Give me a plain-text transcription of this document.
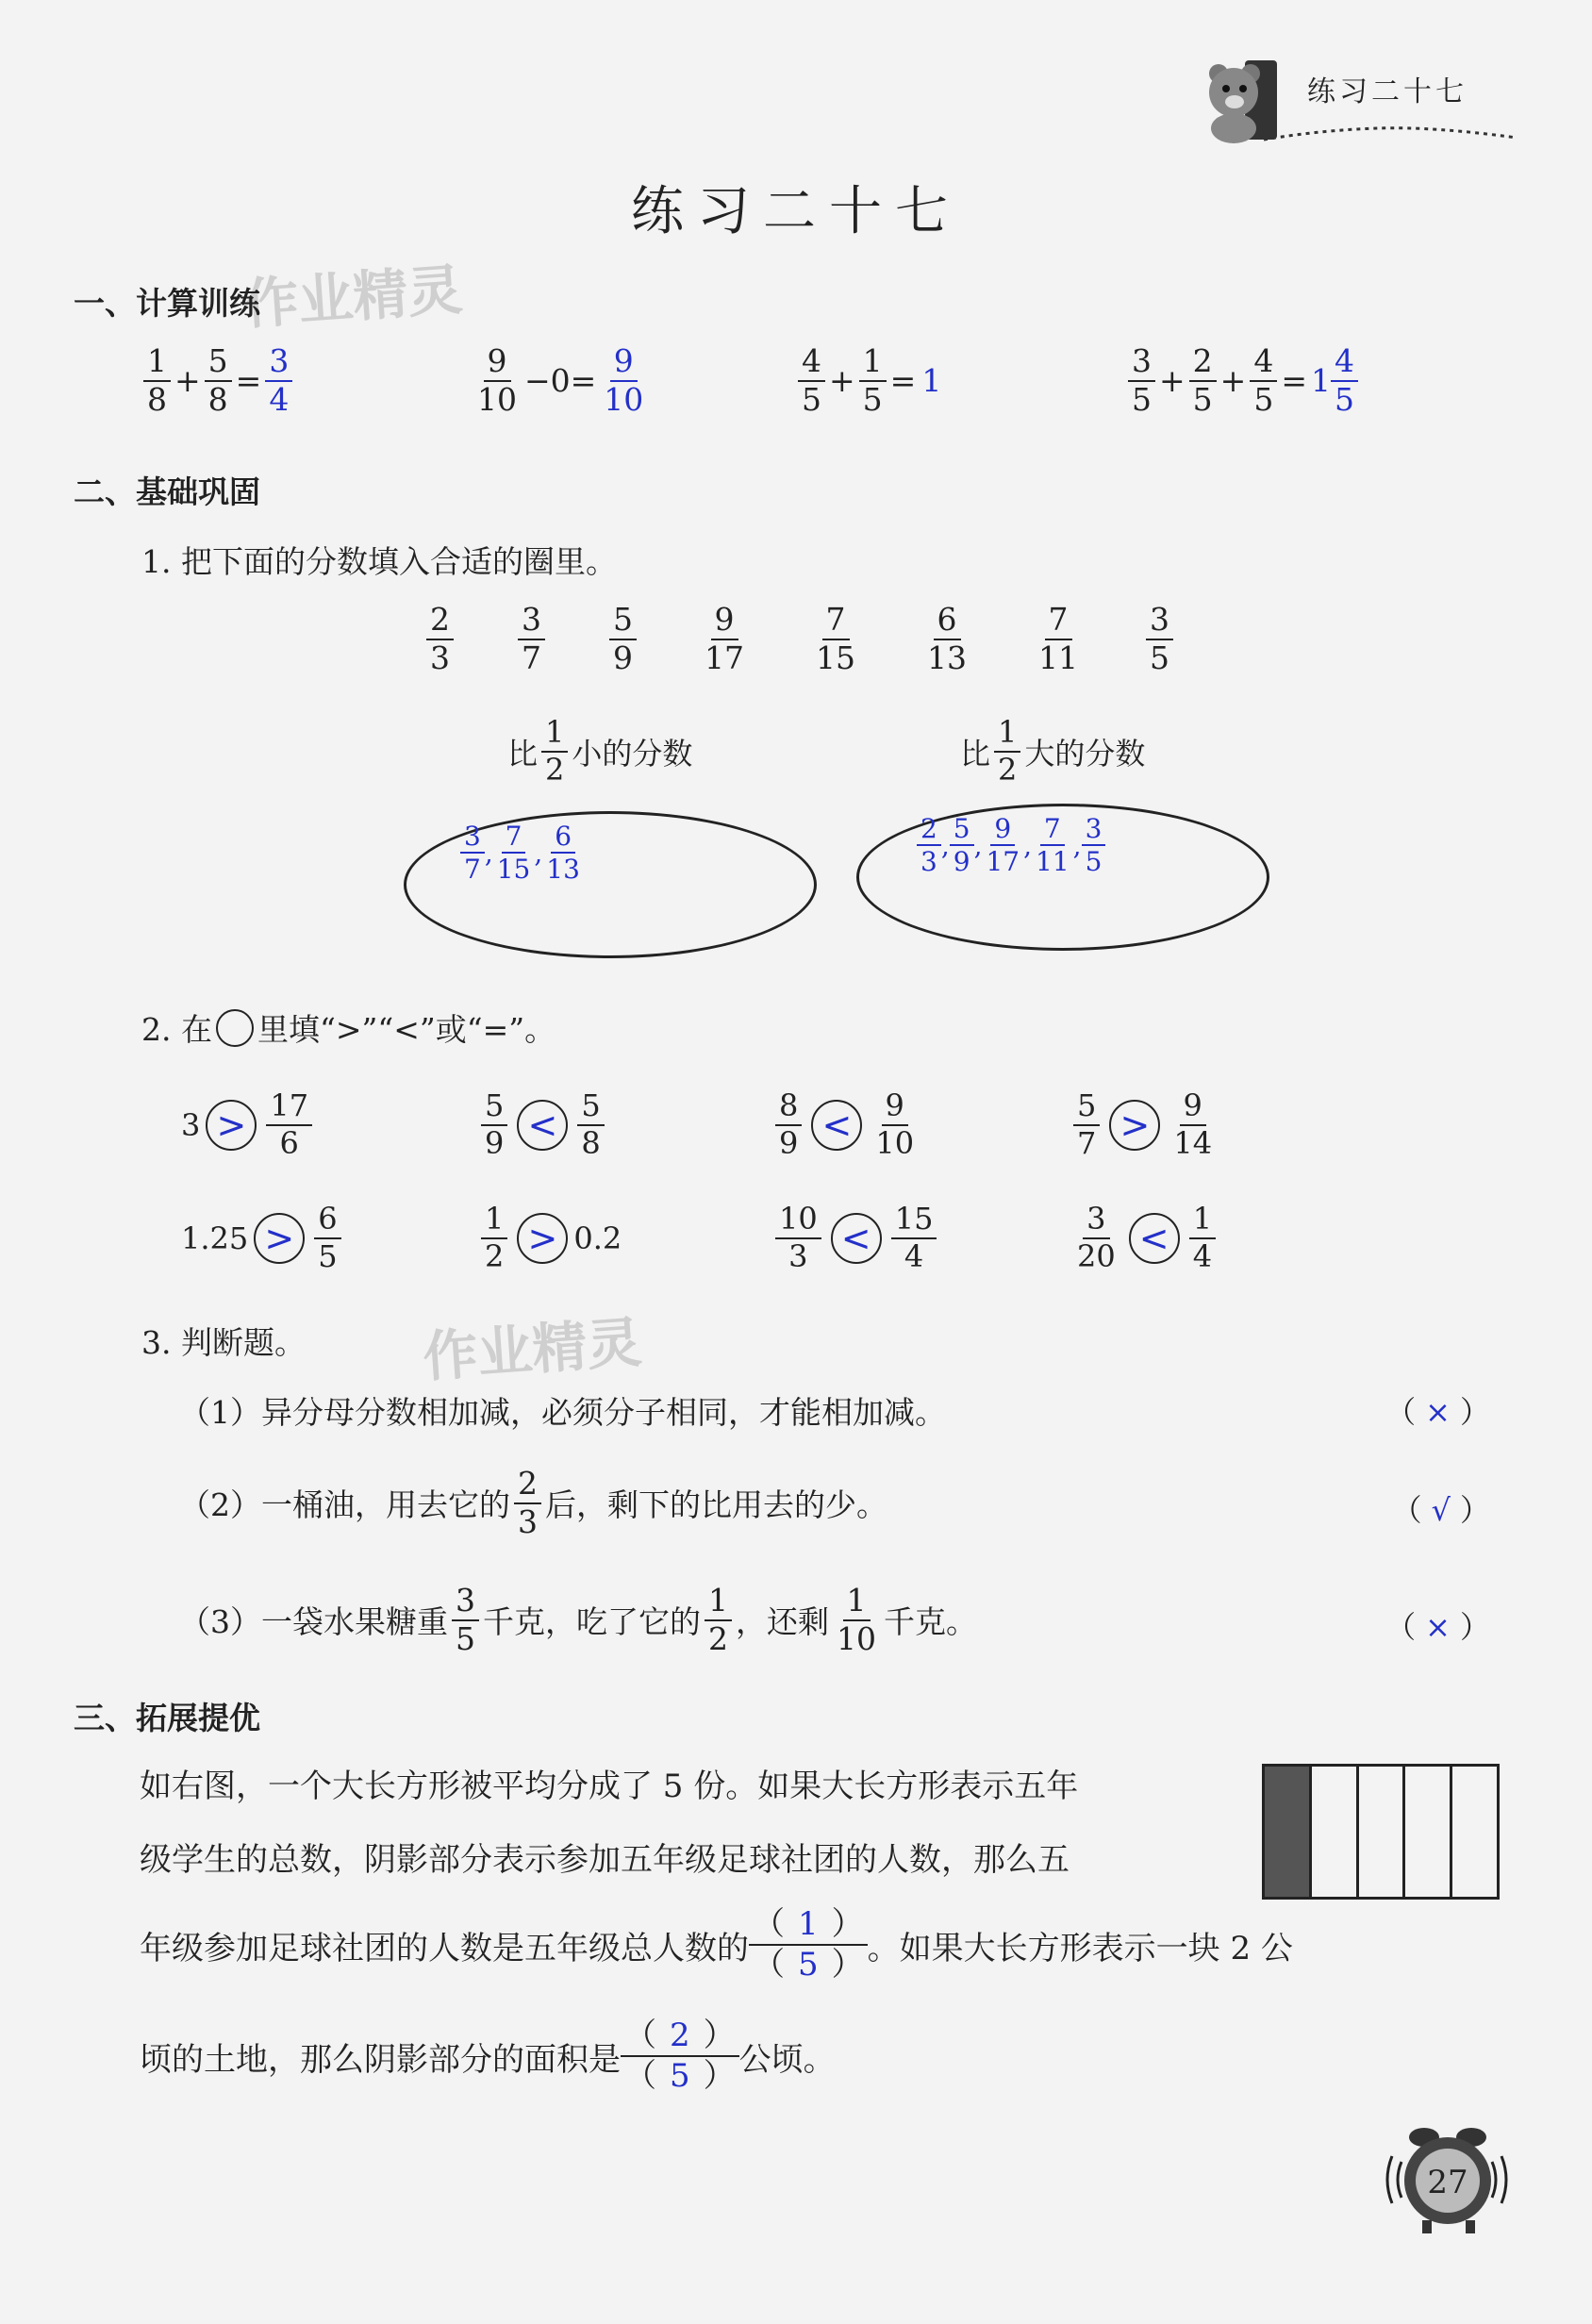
练习二十七
练习二十七
作业精灵
作业精灵
一、计算训练
$\frac{1}{8} + \frac{5}{8} = \frac{3}{4}$	$\frac{9}{10} -0= \frac{9}{10}$	$\frac{4}{5} + \frac{1}{5} = 1$	$\frac{3}{5} + \frac{2}{5} + \frac{4}{5} = 1 \frac{4}{5}$
二、基础巩固
1. 把下面的分数填入合适的圈里。
$\frac{2}{3} \frac{3}{7} \frac{5}{9} \frac{9}{17} \frac{7}{15} \frac{6}{13} \frac{7}{11} \frac{3}{5}$
比 $\frac{1}{2}$ 小的分数	比 $\frac{1}{2}$ 大的分数
$\frac{3}{7}$ , $\frac{7}{15}$ , $\frac{6}{13}$	$\frac{2}{3}$ , $\frac{5}{9}$ , $\frac{9}{17}$ , $\frac{7}{11}$ , $\frac{3}{5}$
2. 在 里填“>”“<”或“=”。
$3 > \frac{17}{6}$	$\frac{5}{9} < \frac{5}{8}$	$\frac{8}{9} < \frac{9}{10}$	$\frac{5}{7} > \frac{9}{14}$
$1.25 > \frac{6}{5}$	$\frac{1}{2} > 0.2$	$\frac{10}{3} < \frac{15}{4}$	$\frac{3}{20} < \frac{1}{4}$
3. 判断题。
（1）异分母分数相加减，必须分子相同，才能相加减。	（ × ）
（2）一桶油，用去它的 $\frac{2}{3}$ 后，剩下的比用去的少。	（ √ ）
（3）一袋水果糖重 $\frac{3}{5}$ 千克，吃了它的 $\frac{1}{2}$ ，还剩 $\frac{1}{10}$ 千克。	（ × ）
三、拓展提优
如右图，一个大长方形被平均分成了 5 份。如果大长方形表示五年
级学生的总数，阴影部分表示参加五年级足球社团的人数，那么五
年级参加足球社团的人数是五年级总人数的
（ 1 ）
（ 5 ） 。如果大长方形表示一块 2 公
顷的土地，那么阴影部分的面积是
（ 2 ）
（ 5 ） 公顷。
27
